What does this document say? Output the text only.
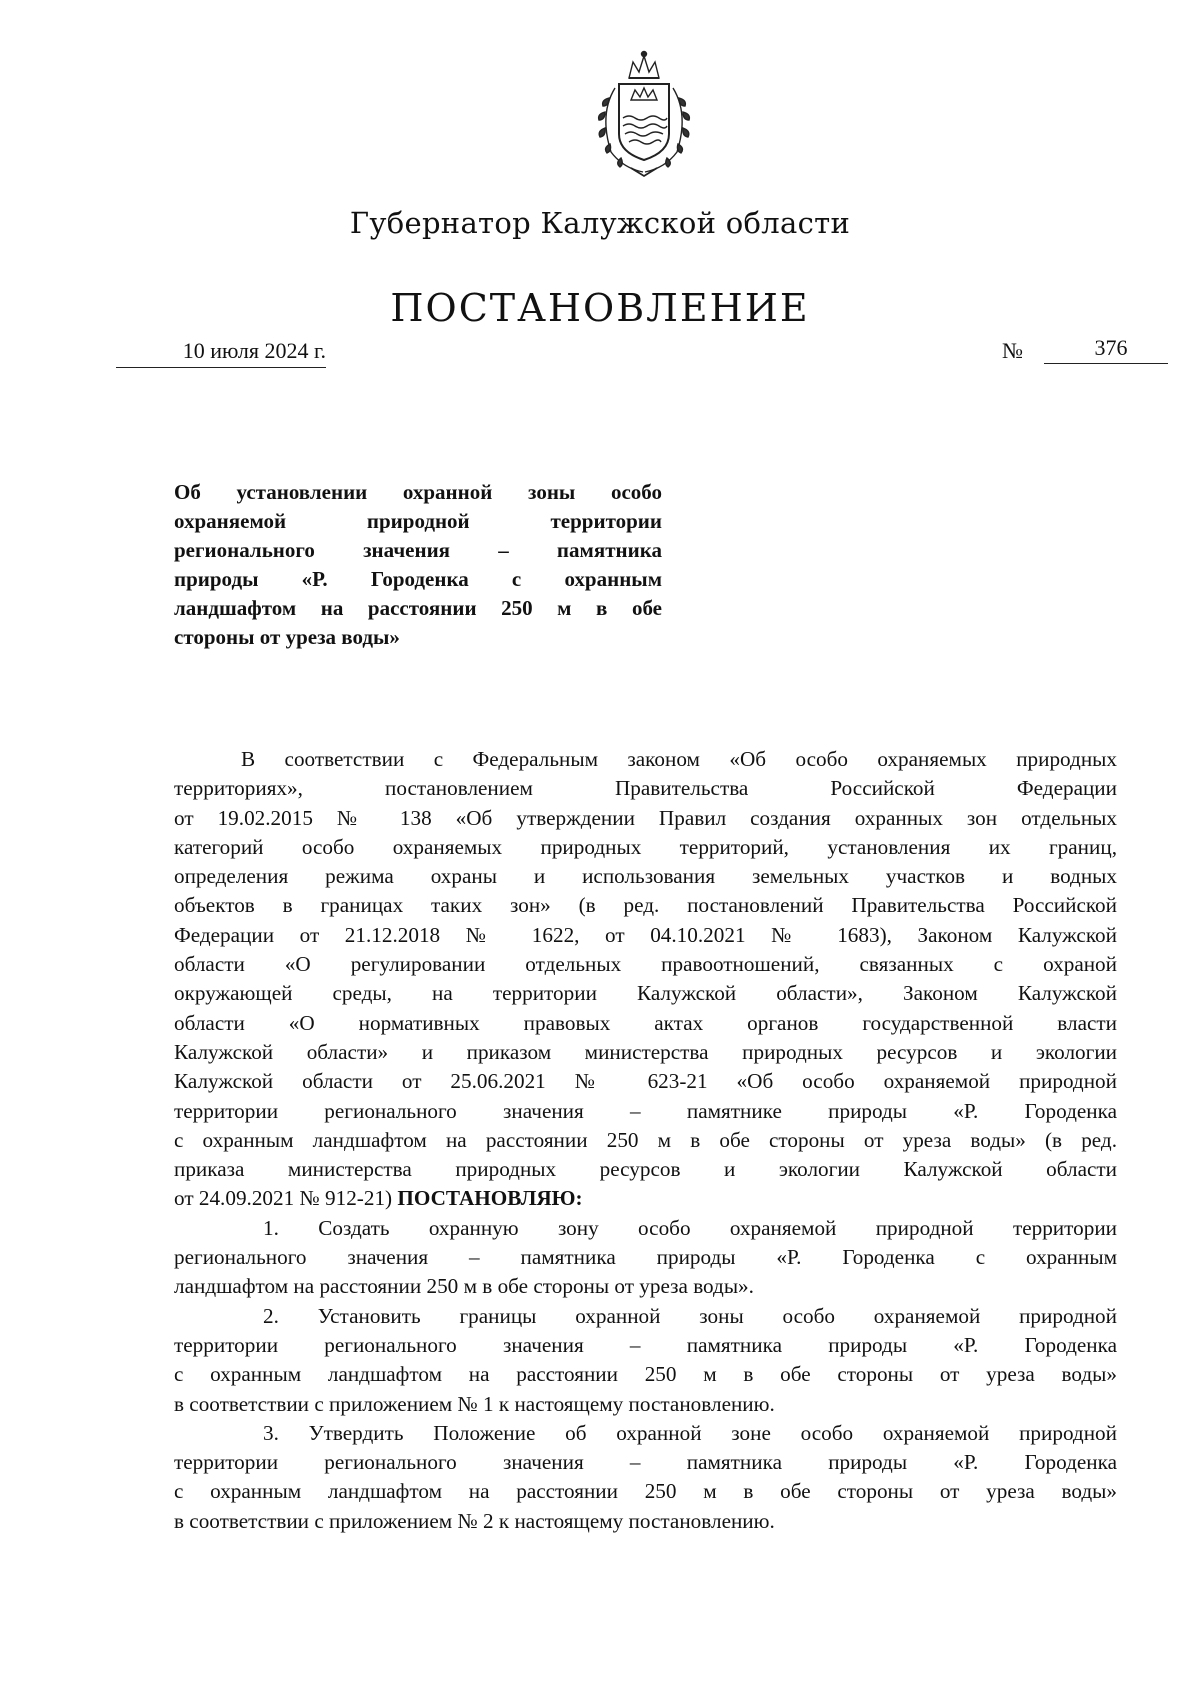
Губернатор Калужской области
ПОСТАНОВЛЕНИЕ
10 июля 2024 г.	№	376
Об установлении охранной зоны особо
охраняемой природной территории
регионального значения – памятника
природы «Р. Городенка с охранным
ландшафтом на расстоянии 250 м в обе
стороны от уреза воды»
В соответствии с Федеральным законом «Об особо охраняемых природных
территориях», постановлением Правительства Российской Федерации
от 19.02.2015 № 138 «Об утверждении Правил создания охранных зон отдельных
категорий особо охраняемых природных территорий, установления их границ,
определения режима охраны и использования земельных участков и водных
объектов в границах таких зон» (в ред. постановлений Правительства Российской
Федерации от 21.12.2018 № 1622, от 04.10.2021 № 1683), Законом Калужской
области «О регулировании отдельных правоотношений, связанных с охраной
окружающей среды, на территории Калужской области», Законом Калужской
области «О нормативных правовых актах органов государственной власти
Калужской области» и приказом министерства природных ресурсов и экологии
Калужской области от 25.06.2021 № 623-21 «Об особо охраняемой природной
территории регионального значения – памятнике природы «Р. Городенка
с охранным ландшафтом на расстоянии 250 м в обе стороны от уреза воды» (в ред.
приказа министерства природных ресурсов и экологии Калужской области
от 24.09.2021 № 912-21) ПОСТАНОВЛЯЮ:
1. Создать охранную зону особо охраняемой природной территории
регионального значения – памятника природы «Р. Городенка с охранным
ландшафтом на расстоянии 250 м в обе стороны от уреза воды».
2. Установить границы охранной зоны особо охраняемой природной
территории регионального значения – памятника природы «Р. Городенка
с охранным ландшафтом на расстоянии 250 м в обе стороны от уреза воды»
в соответствии с приложением № 1 к настоящему постановлению.
3. Утвердить Положение об охранной зоне особо охраняемой природной
территории регионального значения – памятника природы «Р. Городенка
с охранным ландшафтом на расстоянии 250 м в обе стороны от уреза воды»
в соответствии с приложением № 2 к настоящему постановлению.
